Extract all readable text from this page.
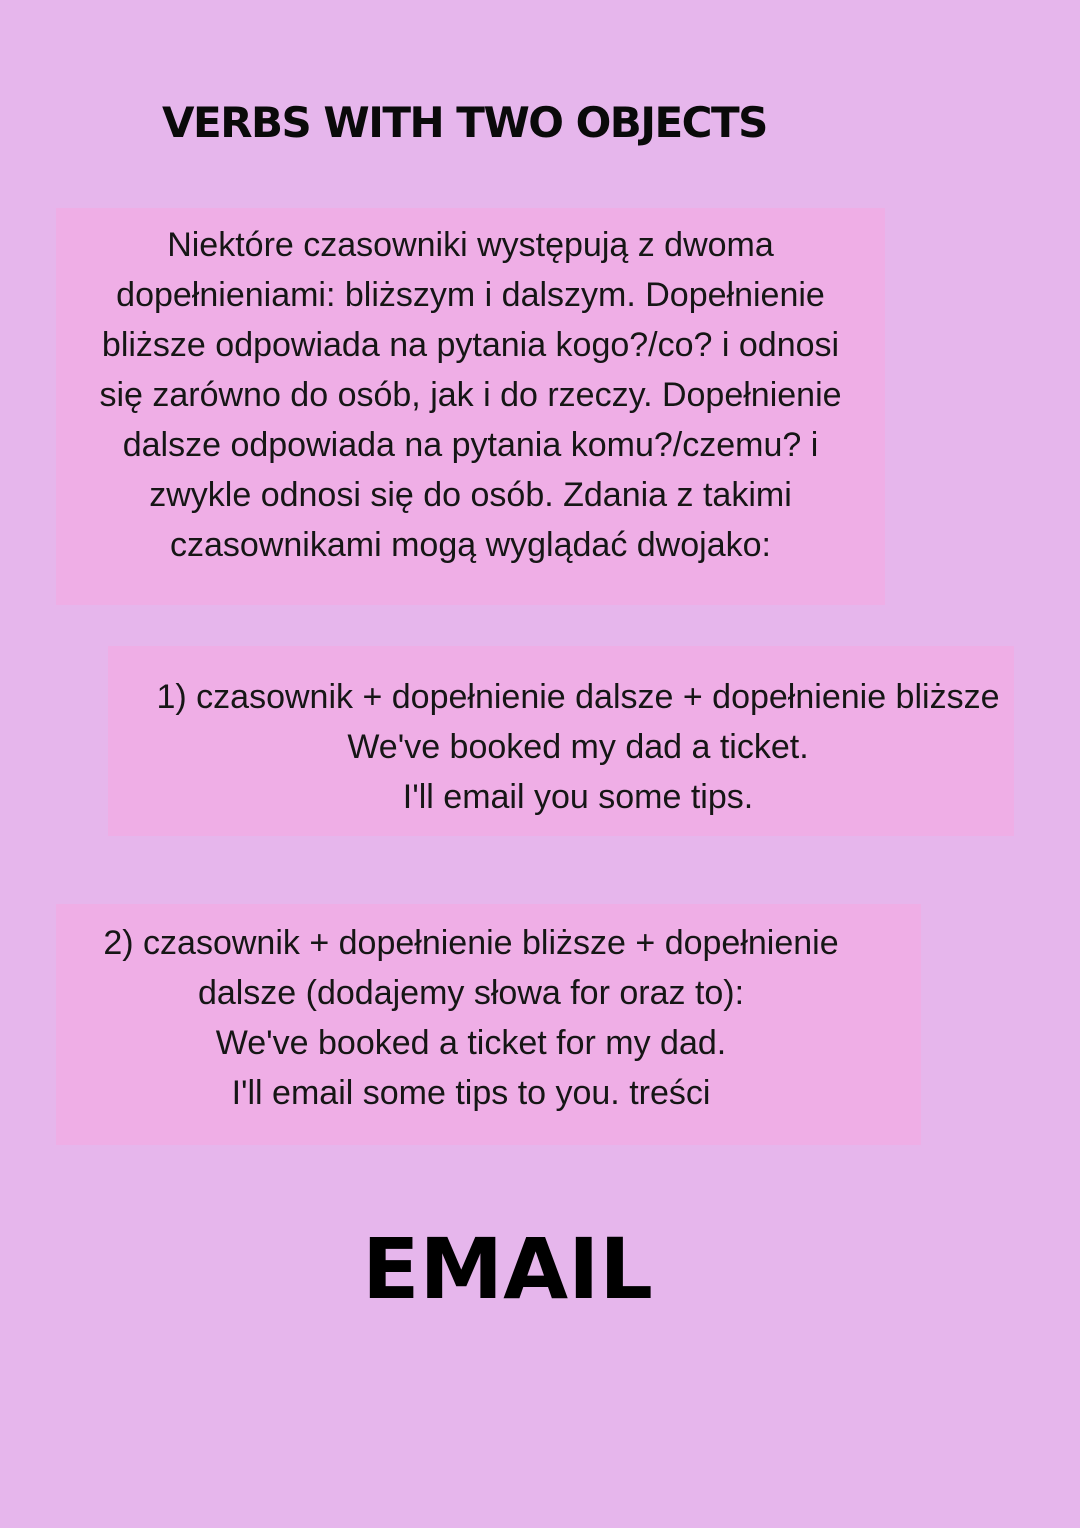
VERBS WITH TWO OBJECTS
Niektóre czasowniki występują z dwoma
dopełnieniami: bliższym i dalszym. Dopełnienie
bliższe odpowiada na pytania kogo?/co? i odnosi
się zarówno do osób, jak i do rzeczy. Dopełnienie
dalsze odpowiada na pytania komu?/czemu? i
zwykle odnosi się do osób. Zdania z takimi
czasownikami mogą wyglądać dwojako:
1) czasownik + dopełnienie dalsze + dopełnienie bliższe
We've booked my dad a ticket.
I'll email you some tips.
2) czasownik + dopełnienie bliższe + dopełnienie
dalsze (dodajemy słowa for oraz to):
We've booked a ticket for my dad.
I'll email some tips to you. treści
EMAIL
